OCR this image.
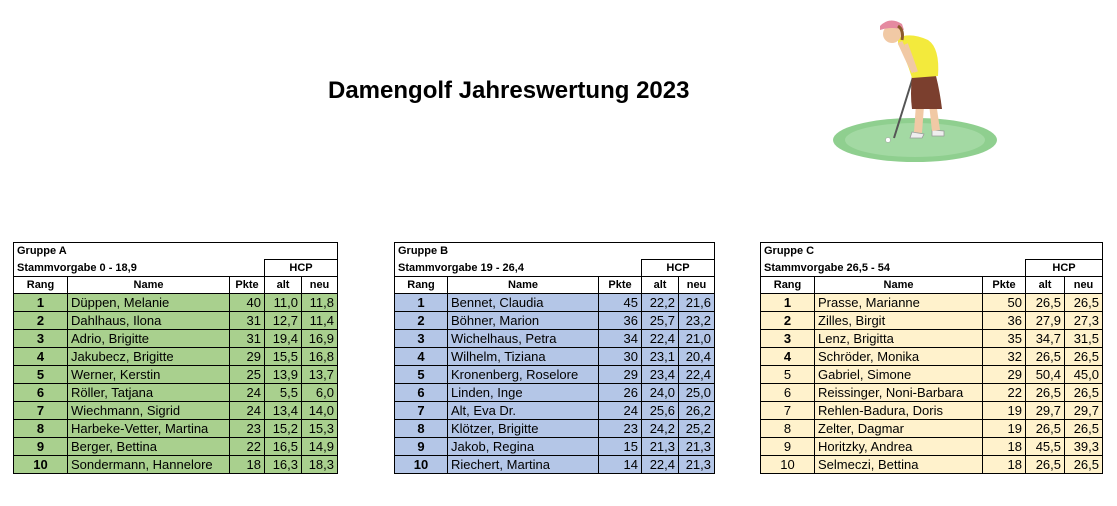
Damengolf Jahreswertung 2023
Gruppe A				
Stammvorgabe 0 - 18,9			HCP	
Rang	Name	Pkte	alt	neu
1	Düppen, Melanie	40	11,0	11,8
2	Dahlhaus, Ilona	31	12,7	11,4
3	Adrio, Brigitte	31	19,4	16,9
4	Jakubecz, Brigitte	29	15,5	16,8
5	Werner, Kerstin	25	13,9	13,7
6	Röller, Tatjana	24	5,5	6,0
7	Wiechmann, Sigrid	24	13,4	14,0
8	Harbeke-Vetter, Martina	23	15,2	15,3
9	Berger, Bettina	22	16,5	14,9
10	Sondermann, Hannelore	18	16,3	18,3
Gruppe B				
Stammvorgabe 19 - 26,4			HCP	
Rang	Name	Pkte	alt	neu
1	Bennet, Claudia	45	22,2	21,6
2	Böhner, Marion	36	25,7	23,2
3	Wichelhaus, Petra	34	22,4	21,0
4	Wilhelm, Tiziana	30	23,1	20,4
5	Kronenberg, Roselore	29	23,4	22,4
6	Linden, Inge	26	24,0	25,0
7	Alt, Eva Dr.	24	25,6	26,2
8	Klötzer, Brigitte	23	24,2	25,2
9	Jakob, Regina	15	21,3	21,3
10	Riechert, Martina	14	22,4	21,3
Gruppe C				
Stammvorgabe 26,5 - 54			HCP	
Rang	Name	Pkte	alt	neu
1	Prasse, Marianne	50	26,5	26,5
2	Zilles, Birgit	36	27,9	27,3
3	Lenz, Brigitta	35	34,7	31,5
4	Schröder, Monika	32	26,5	26,5
5	Gabriel, Simone	29	50,4	45,0
6	Reissinger, Noni-Barbara	22	26,5	26,5
7	Rehlen-Badura, Doris	19	29,7	29,7
8	Zelter, Dagmar	19	26,5	26,5
9	Horitzky, Andrea	18	45,5	39,3
10	Selmeczi, Bettina	18	26,5	26,5
